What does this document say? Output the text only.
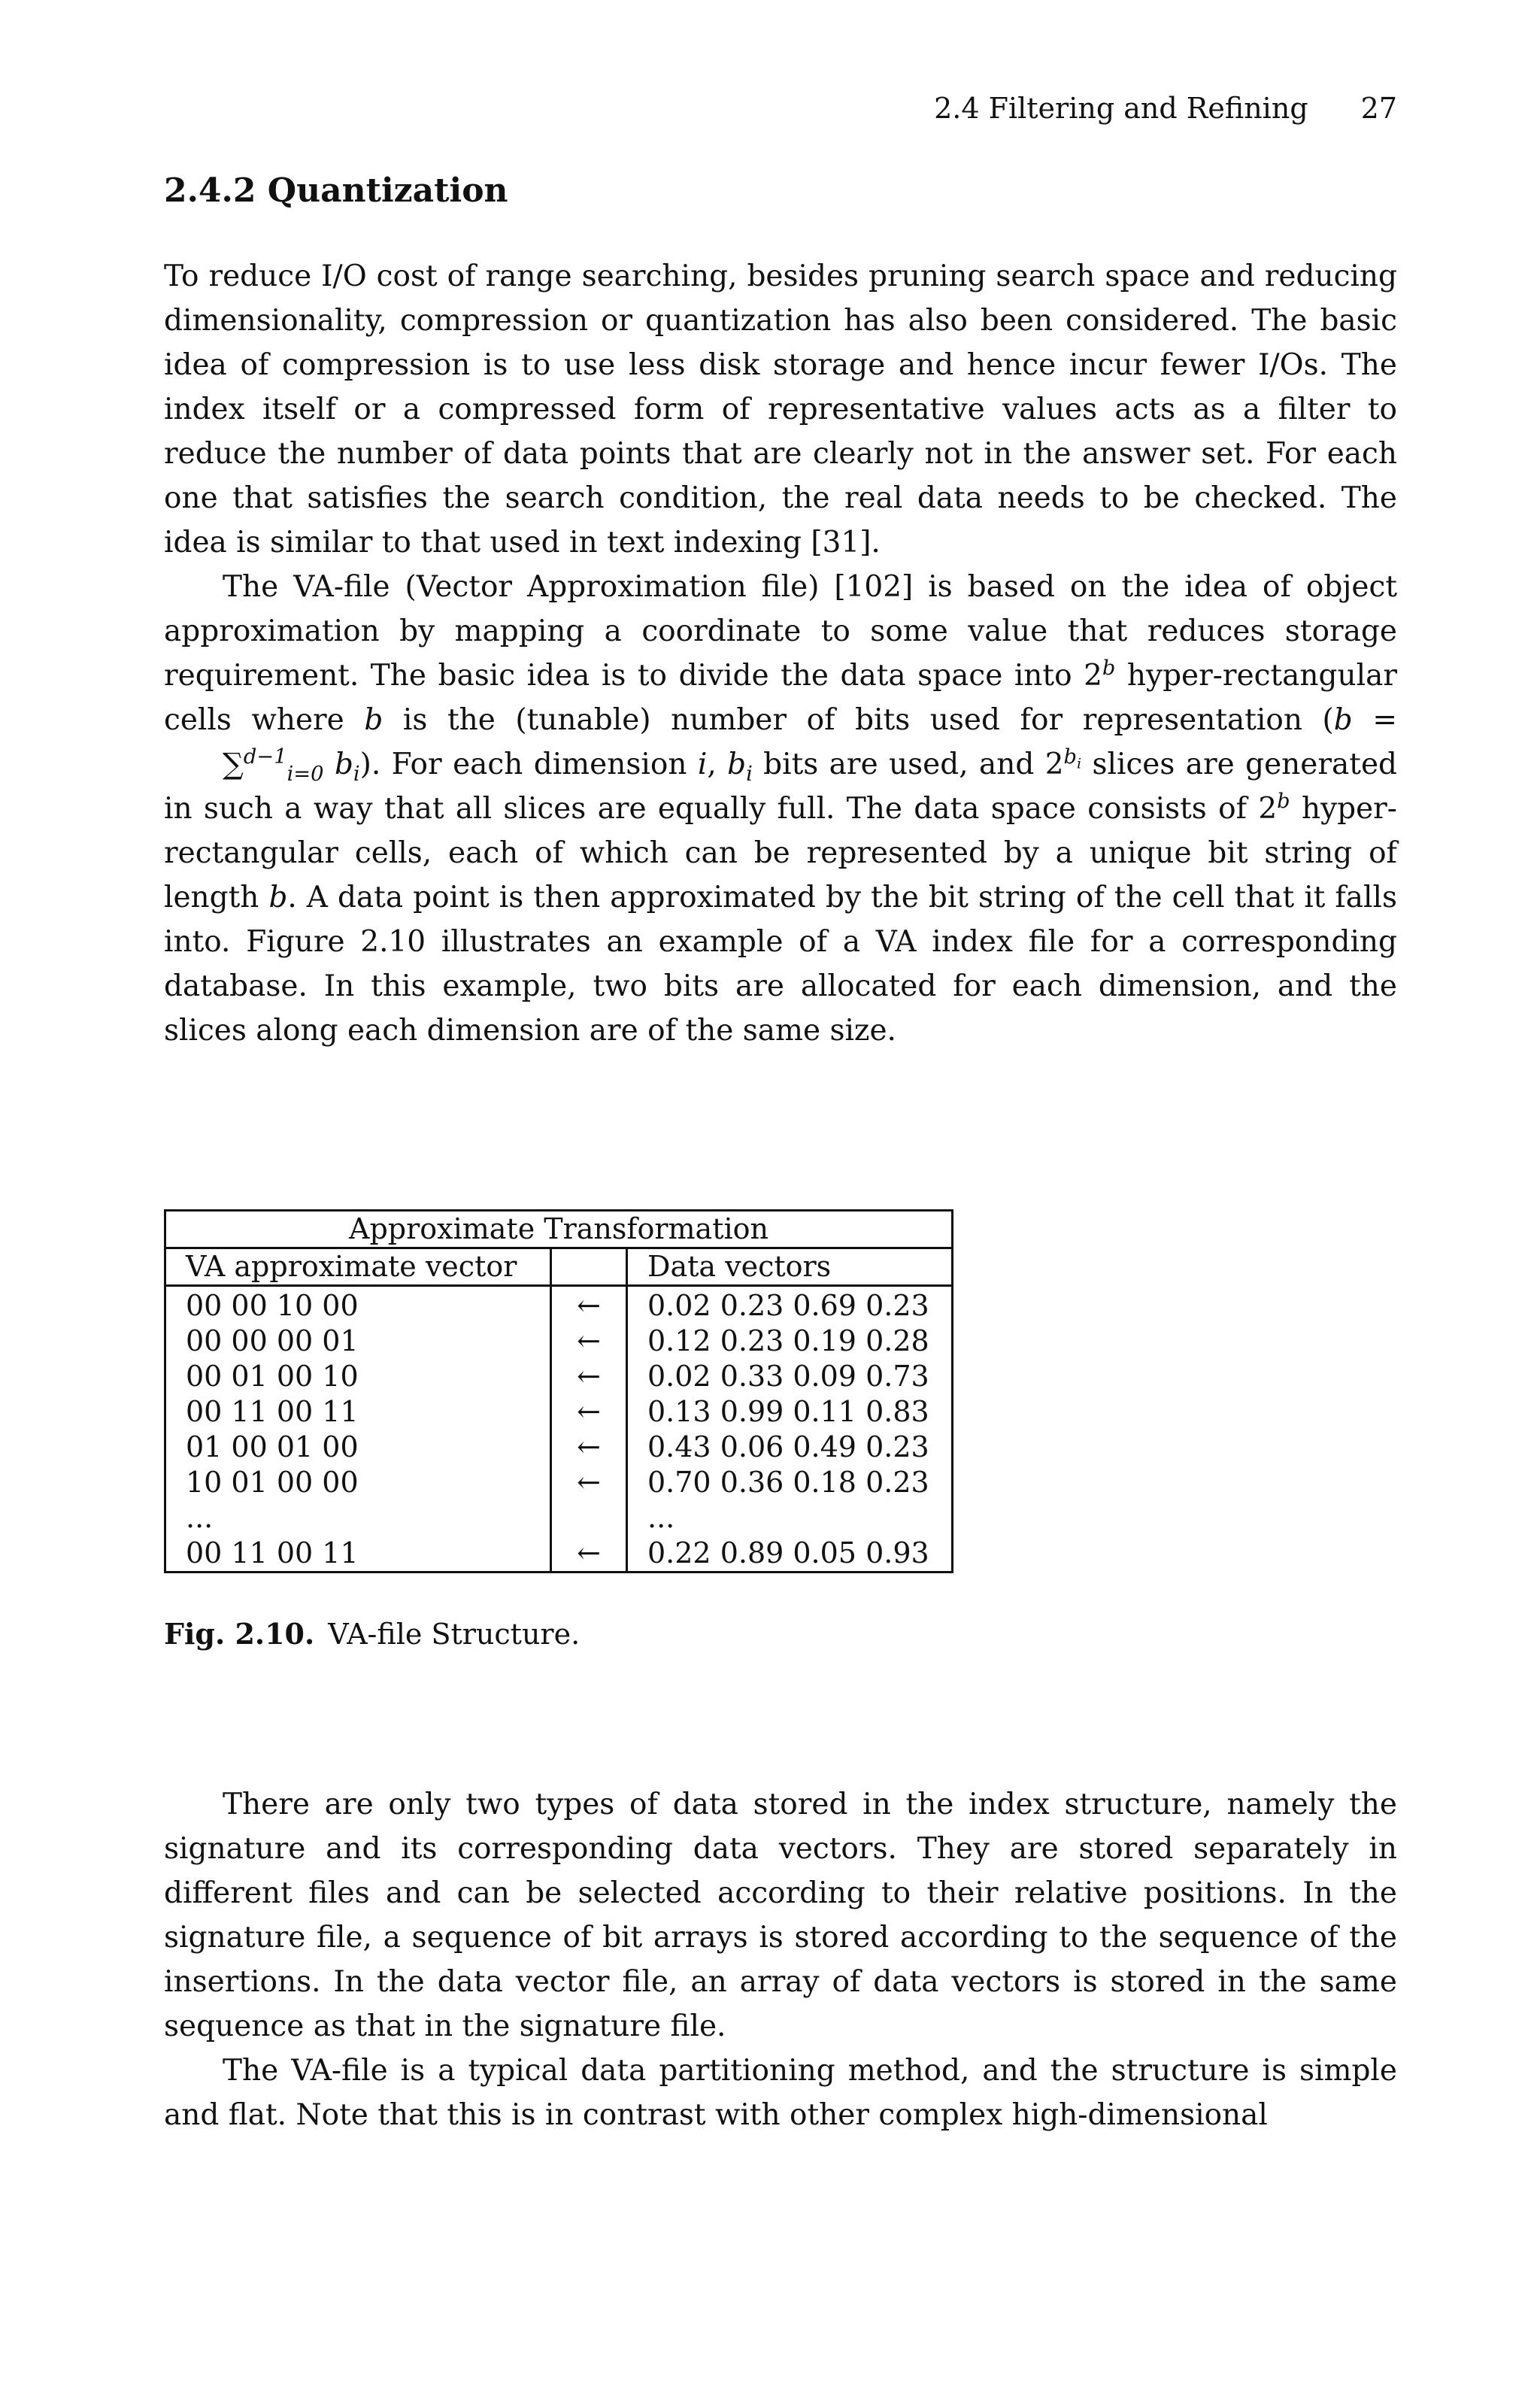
2.4 Filtering and Refining 27
2.4.2 Quantization

To reduce I/O cost of range searching, besides pruning search space and reducing dimensionality, compression or quantization has also been considered. The basic idea of compression is to use less disk storage and hence incur fewer I/Os. The index itself or a compressed form of representative values acts as a filter to reduce the number of data points that are clearly not in the answer set. For each one that satisfies the search condition, the real data needs to be checked. The idea is similar to that used in text indexing [31].

The VA-file (Vector Approximation file) [102] is based on the idea of object approximation by mapping a coordinate to some value that reduces storage requirement. The basic idea is to divide the data space into 2$^b$ hyper-rectangular cells where b is the (tunable) number of bits used for representation (b = ∑$^{d-1}_{i=0}$ $b_i$). For each dimension i, $b_i$ bits are used, and $2^{b_i}$ slices are generated in such a way that all slices are equally full. The data space consists of 2$^b$ hyper-rectangular cells, each of which can be represented by a unique bit string of length b. A data point is then approximated by the bit string of the cell that it falls into. Figure 2.10 illustrates an example of a VA index file for a corresponding database. In this example, two bits are allocated for each dimension, and the slices along each dimension are of the same size.

Approximate Transformation		
VA approximate vector		Data vectors
00 00 10 00	←	0.02 0.23 0.69 0.23
00 00 00 01	←	0.12 0.23 0.19 0.28
00 01 00 10	←	0.02 0.33 0.09 0.73
00 11 00 11	←	0.13 0.99 0.11 0.83
01 00 01 00	←	0.43 0.06 0.49 0.23
10 01 00 00	←	0.70 0.36 0.18 0.23
...		...
00 11 00 11	←	0.22 0.89 0.05 0.93
Fig. 2.10. VA-file Structure.

There are only two types of data stored in the index structure, namely the signature and its corresponding data vectors. They are stored separately in different files and can be selected according to their relative positions. In the signature file, a sequence of bit arrays is stored according to the sequence of the insertions. In the data vector file, an array of data vectors is stored in the same sequence as that in the signature file.

The VA-file is a typical data partitioning method, and the structure is simple and flat. Note that this is in contrast with other complex high-dimensional
